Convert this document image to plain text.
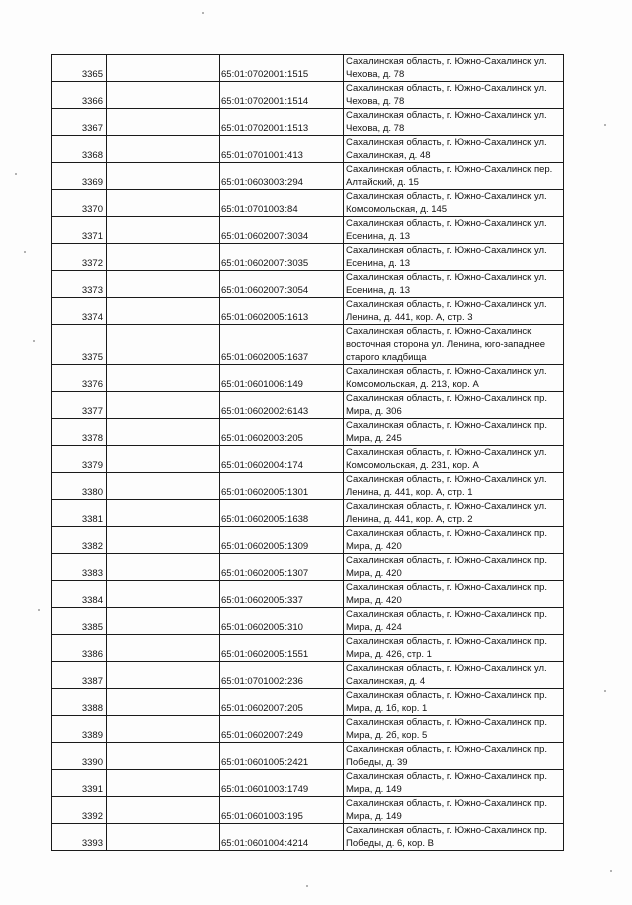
3365		65:01:0702001:1515	Сахалинская область, г. Южно-Сахалинск ул.
Чехова, д. 78

3366		65:01:0702001:1514	Сахалинская область, г. Южно-Сахалинск ул.
Чехова, д. 78

3367		65:01:0702001:1513	Сахалинская область, г. Южно-Сахалинск ул.
Чехова, д. 78

3368		65:01:0701001:413	Сахалинская область, г. Южно-Сахалинск ул.
Сахалинская, д. 48

3369		65:01:0603003:294	Сахалинская область, г. Южно-Сахалинск пер.
Алтайский, д. 15

3370		65:01:0701003:84	Сахалинская область, г. Южно-Сахалинск ул.
Комсомольская, д. 145

3371		65:01:0602007:3034	Сахалинская область, г. Южно-Сахалинск ул.
Есенина, д. 13

3372		65:01:0602007:3035	Сахалинская область, г. Южно-Сахалинск ул.
Есенина, д. 13

3373		65:01:0602007:3054	Сахалинская область, г. Южно-Сахалинск ул.
Есенина, д. 13

3374		65:01:0602005:1613	Сахалинская область, г. Южно-Сахалинск ул.
Ленина, д. 441, кор. А, стр. 3

3375		65:01:0602005:1637	Сахалинская область, г. Южно-Сахалинск
восточная сторона ул. Ленина, юго-западнее
старого кладбища

3376		65:01:0601006:149	Сахалинская область, г. Южно-Сахалинск ул.
Комсомольская, д. 213, кор. А

3377		65:01:0602002:6143	Сахалинская область, г. Южно-Сахалинск пр.
Мира, д. 306

3378		65:01:0602003:205	Сахалинская область, г. Южно-Сахалинск пр.
Мира, д. 245

3379		65:01:0602004:174	Сахалинская область, г. Южно-Сахалинск ул.
Комсомольская, д. 231, кор. А

3380		65:01:0602005:1301	Сахалинская область, г. Южно-Сахалинск ул.
Ленина, д. 441, кор. А, стр. 1

3381		65:01:0602005:1638	Сахалинская область, г. Южно-Сахалинск ул.
Ленина, д. 441, кор. А, стр. 2

3382		65:01:0602005:1309	Сахалинская область, г. Южно-Сахалинск пр.
Мира, д. 420

3383		65:01:0602005:1307	Сахалинская область, г. Южно-Сахалинск пр.
Мира, д. 420

3384		65:01:0602005:337	Сахалинская область, г. Южно-Сахалинск пр.
Мира, д. 420

3385		65:01:0602005:310	Сахалинская область, г. Южно-Сахалинск пр.
Мира, д. 424

3386		65:01:0602005:1551	Сахалинская область, г. Южно-Сахалинск пр.
Мира, д. 426, стр. 1

3387		65:01:0701002:236	Сахалинская область, г. Южно-Сахалинск ул.
Сахалинская, д. 4

3388		65:01:0602007:205	Сахалинская область, г. Южно-Сахалинск пр.
Мира, д. 1б, кор. 1

3389		65:01:0602007:249	Сахалинская область, г. Южно-Сахалинск пр.
Мира, д. 2б, кор. 5

3390		65:01:0601005:2421	Сахалинская область, г. Южно-Сахалинск пр.
Победы, д. 39

3391		65:01:0601003:1749	Сахалинская область, г. Южно-Сахалинск пр.
Мира, д. 149

3392		65:01:0601003:195	Сахалинская область, г. Южно-Сахалинск пр.
Мира, д. 149

3393		65:01:0601004:4214	Сахалинская область, г. Южно-Сахалинск пр.
Победы, д. 6, кор. В
